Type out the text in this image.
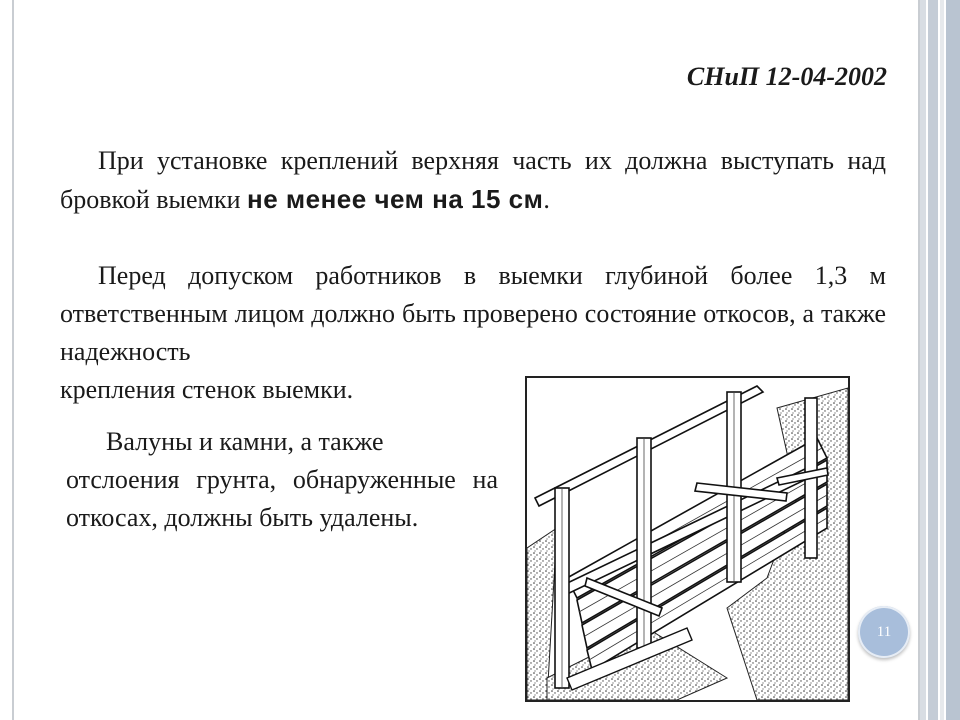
СНиП 12-04-2002

При установке креплений верхняя часть их должна выступать над бровкой выемки не менее чем на 15 см.

Перед допуском работников в выемки глубиной более 1,3 м ответственным лицом должно быть проверено состояние откосов, а также надежность
крепления стенок выемки.

Валуны и камни, а также
отслоения грунта, обнаруженные на откосах, должны быть удалены.

11
